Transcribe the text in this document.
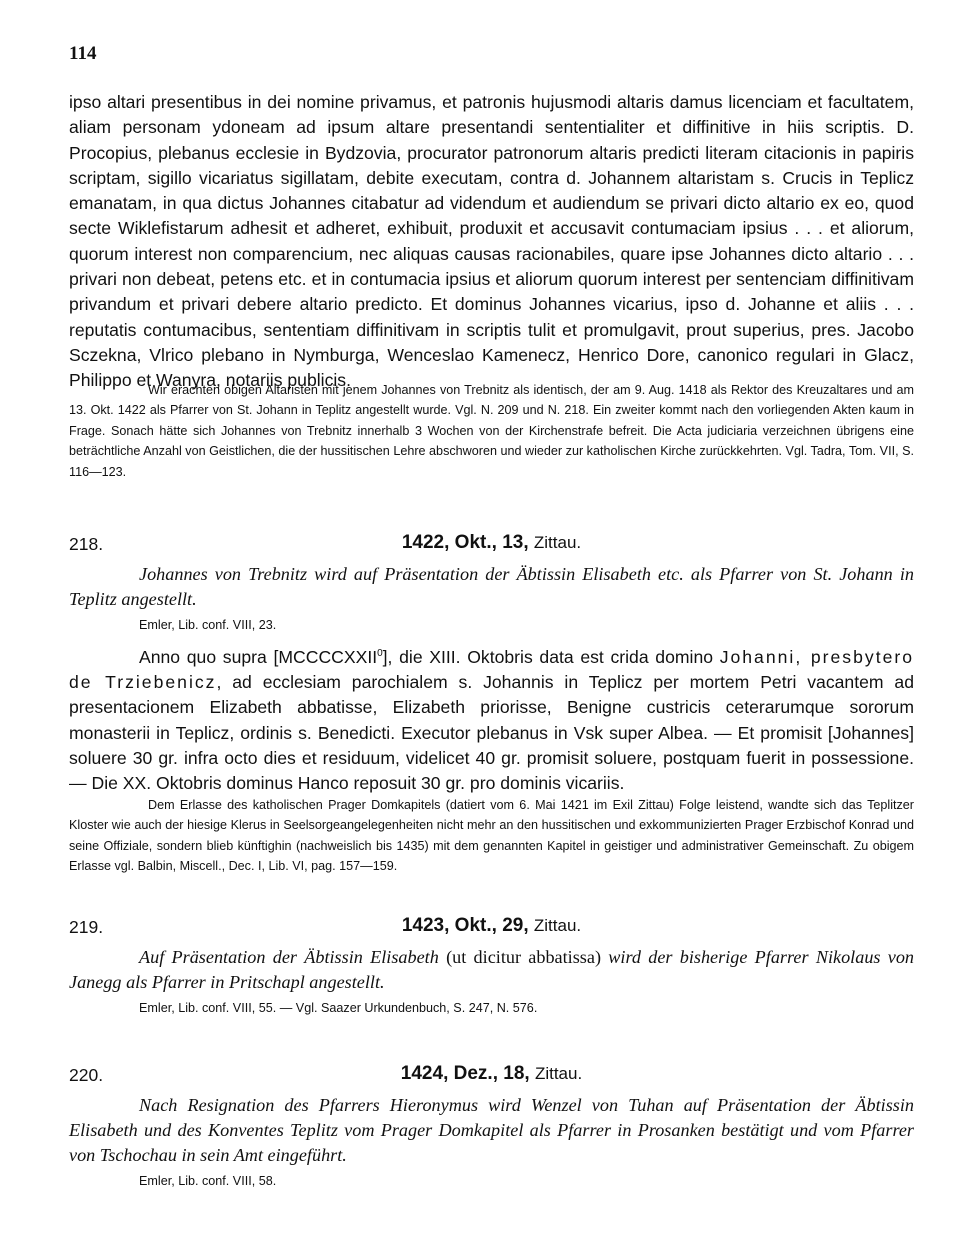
114

ipso altari presentibus in dei nomine privamus, et patronis hujusmodi altaris damus licenciam et facultatem, aliam personam ydoneam ad ipsum altare presentandi sententialiter et diffinitive in hiis scriptis. D. Procopius, plebanus ecclesie in Bydzovia, procurator patronorum altaris predicti literam citacionis in papiris scriptam, sigillo vicariatus sigillatam, debite executam, contra d. Johannem altaristam s. Crucis in Teplicz emanatam, in qua dictus Johannes citabatur ad videndum et audiendum se privari dicto altario ex eo, quod secte Wiklefistarum adhesit et adheret, exhibuit, produxit et accusavit contumaciam ipsius . . . et aliorum, quorum interest non comparencium, nec aliquas causas racionabiles, quare ipse Johannes dicto altario . . . privari non debeat, petens etc. et in contumacia ipsius et aliorum quorum interest per sentenciam diffinitivam privandum et privari debere altario predicto. Et dominus Johannes vicarius, ipso d. Johanne et aliis . . . reputatis contumacibus, sententiam diffinitivam in scriptis tulit et promulgavit, prout superius, pres. Jacobo Sczekna, Vlrico plebano in Nymburga, Wenceslao Kamenecz, Henrico Dore, canonico regulari in Glacz, Philippo et Wanyra, notariis publicis.

Wir erachten obigen Altaristen mit jenem Johannes von Trebnitz als identisch, der am 9. Aug. 1418 als Rektor des Kreuzaltares und am 13. Okt. 1422 als Pfarrer von St. Johann in Teplitz angestellt wurde. Vgl. N. 209 und N. 218. Ein zweiter kommt nach den vorliegenden Akten kaum in Frage. Sonach hätte sich Johannes von Trebnitz innerhalb 3 Wochen von der Kirchenstrafe befreit. Die Acta judiciaria verzeichnen übrigens eine beträchtliche Anzahl von Geistlichen, die der hussitischen Lehre abschworen und wieder zur katholischen Kirche zurückkehrten. Vgl. Tadra, Tom. VII, S. 116—123.

218.	1422, Okt., 13, Zittau.

Johannes von Trebnitz wird auf Präsentation der Äbtissin Elisabeth etc. als Pfarrer von St. Johann in Teplitz angestellt.

Emler, Lib. conf. VIII, 23.

Anno quo supra [MCCCCXXII$^0$], die XIII. Oktobris data est crida domino Johanni, presbytero de Trziebenicz, ad ecclesiam parochialem s. Johannis in Teplicz per mortem Petri vacantem ad presentacionem Elizabeth abbatisse, Elizabeth priorisse, Benigne custricis ceterarumque sororum monasterii in Teplicz, ordinis s. Benedicti. Executor plebanus in Vsk super Albea. — Et promisit [Johannes] soluere 30 gr. infra octo dies et residuum, videlicet 40 gr. promisit soluere, postquam fuerit in possessione. — Die XX. Oktobris dominus Hanco reposuit 30 gr. pro dominis vicariis.

Dem Erlasse des katholischen Prager Domkapitels (datiert vom 6. Mai 1421 im Exil Zittau) Folge leistend, wandte sich das Teplitzer Kloster wie auch der hiesige Klerus in Seelsorgeangelegenheiten nicht mehr an den hussitischen und exkommunizierten Prager Erzbischof Konrad und seine Offiziale, sondern blieb künftighin (nachweislich bis 1435) mit dem genannten Kapitel in geistiger und administrativer Gemeinschaft. Zu obigem Erlasse vgl. Balbin, Miscell., Dec. I, Lib. VI, pag. 157—159.

219.	1423, Okt., 29, Zittau.

Auf Präsentation der Äbtissin Elisabeth (ut dicitur abbatissa) wird der bisherige Pfarrer Nikolaus von Janegg als Pfarrer in Pritschapl angestellt.

Emler, Lib. conf. VIII, 55. — Vgl. Saazer Urkundenbuch, S. 247, N. 576.

220.	1424, Dez., 18, Zittau.

Nach Resignation des Pfarrers Hieronymus wird Wenzel von Tuhan auf Präsentation der Äbtissin Elisabeth und des Konventes Teplitz vom Prager Domkapitel als Pfarrer in Prosanken bestätigt und vom Pfarrer von Tschochau in sein Amt eingeführt.

Emler, Lib. conf. VIII, 58.
